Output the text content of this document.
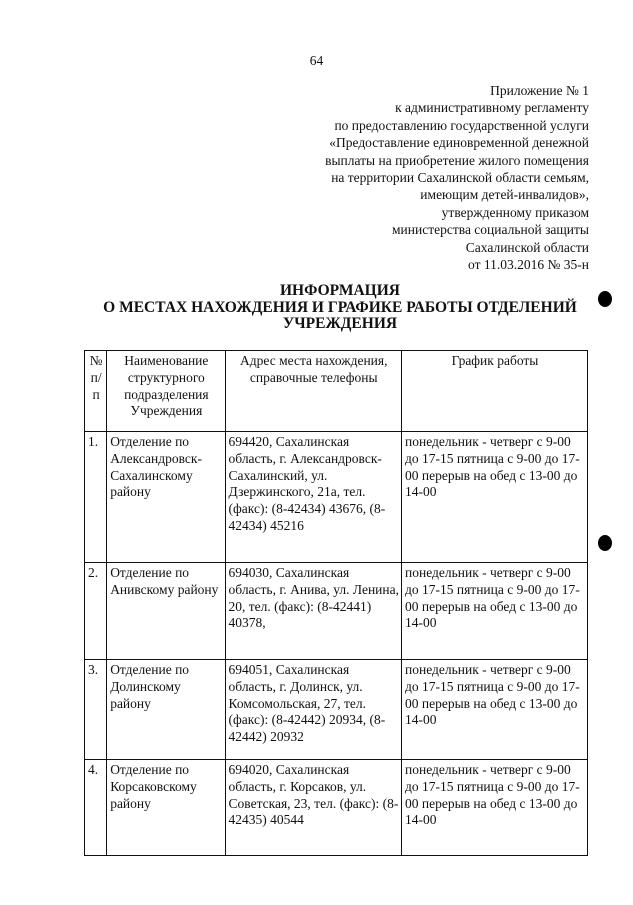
64
Приложение № 1
к административному регламенту
по предоставлению государственной услуги
«Предоставление единовременной денежной
выплаты на приобретение жилого помещения
на территории Сахалинской области семьям,
имеющим детей-инвалидов»,
утвержденному приказом
министерства социальной защиты
Сахалинской области
от 11.03.2016 № 35-н
ИНФОРМАЦИЯ
О МЕСТАХ НАХОЖДЕНИЯ И ГРАФИКЕ РАБОТЫ ОТДЕЛЕНИЙ
УЧРЕЖДЕНИЯ
№ п/ п	Наименование структурного подразделения Учреждения	Адрес места нахождения, справочные телефоны	График работы
1.	Отделение по Александровск-Сахалинскому району	694420, Сахалинская область, г. Александровск-Сахалинский, ул. Дзержинского, 21а, тел. (факс): (8-42434) 43676, (8-42434) 45216	понедельник - четверг с 9-00 до 17-15 пятница с 9-00 до 17-00 перерыв на обед с 13-00 до 14-00
2.	Отделение по Анивскому району	694030, Сахалинская область, г. Анива, ул. Ленина, 20, тел. (факс): (8-42441) 40378,	понедельник - четверг с 9-00 до 17-15 пятница с 9-00 до 17-00 перерыв на обед с 13-00 до 14-00
3.	Отделение по Долинскому району	694051, Сахалинская область, г. Долинск, ул. Комсомольская, 27, тел. (факс): (8-42442) 20934, (8-42442) 20932	понедельник - четверг с 9-00 до 17-15 пятница с 9-00 до 17-00 перерыв на обед с 13-00 до 14-00
4.	Отделение по Корсаковскому району	694020, Сахалинская область, г. Корсаков, ул. Советская, 23, тел. (факс): (8-42435) 40544	понедельник - четверг с 9-00 до 17-15 пятница с 9-00 до 17-00 перерыв на обед с 13-00 до 14-00
